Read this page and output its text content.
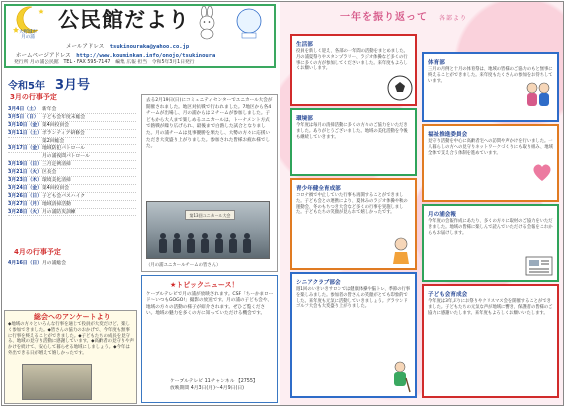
公民館だより
大野城市
月の浦
メールアドレス　 tsukinouraka@yahoo.co.jp
ホームページアドレス　 http://www.kouminkan.info/onojo/tsukinoura
発行所 月の浦公民館　TEL・FAX 595-7147　編集 広報 担当　令和5年3月1日発行
令和5年　 3月号
3月の行事予定
3月4日（土） 新年会
3月5日（日） 子ども会年度末総会
3月10日（金） 第4回役員会
3月11日（土） ボランティア研修会
第2回総会
3月17日（金） 地域防犯パトロール
月の浦夜間パトロール
3月19日（日） 三月定例清掃
3月21日（火） 区長会
3月23日（木） 環境美化清掃
3月24日（金） 第4回役員会
3月26日（日） 子ども会バスハイク
3月27日（月） 地域清掃活動
3月28日（火） 月の浦防災訓練
4月の行事予定
4月16日（日） 月の浦総会
去る2月19日(日)にコミュニティセンターでユニカール大会が開催されました。地区対抗戦で行われました。7地区から各4チームが出場し、月の浦からは２チームが参加しました。子どもから大人まで楽しめるユニカールは、トーナメント方式で熱戦が繰り広げられ、最後まで白熱した試合となりました。月の浦チームは見事優勝を果たし、大勢の方々に応援いただき大変盛り上がりました。参加された皆様お疲れ様でした。
第13回ユニカール大会
（月の浦ユニカールチームの皆さん）
総会へのアンケートより
◆地域の方々といろんな行事を通じて役員が大変だけど、楽しく参加できました。◆皆さんの協力のおかげで、今年度も無事に行事を終えることができました。◆子どもたちの成長を見守る、地域の見守り活動に感謝しています。◆高齢者の見守りや声かけを続けて、安心して暮らせる地域にしましょう。◆今年は外出できる日が増えて嬉しかったです。
★トピックニュース！
ケーブルテレビで月の浦が放映されます。CSF「ちーかまロード〜いつもGOGO!」撮影の放送です。月の浦の子ども会や、地域の方々の活動の様子が紹介されます。ぜひご覧ください。地域の魅力を多くの方に知っていただける機会です。
ケーブルテレビ 11チャンネル 【2755】
放映期間 4月3日(月)〜4月9日(日)
一年を振り返って　 各部より
生活部
役員を新しく迎え、各部の一年間の活動をまとめました。月の浦夏祭りやスタンプラリー、ラジオ体操など多くの行事に多くの方が参加してくださいました。来年度もよろしくお願いします。
環境部
今年度は毎月の清掃活動に多くの方々のご協力をいただきました。ありがとうございました。地域の美化活動を今後も継続していきます。
青少年健全育成部
コロナ禍で中止していた行事も再開することができました。子ども会との連携により、夏休みのラジオ体操や秋の運動会、冬のもちつき大会など多くの行事を実施しました。子どもたちの笑顔が見られて嬉しかったです。
シニアクラブ部会
週1回のいきいきサロンでは健康体操や脳トレ、季節の行事を楽しみました。参加者の皆さんの笑顔がとても印象的でした。来年度も元気に活動していきましょう。グラウンドゴルフ大会も大変盛り上がりました。
体育部
三月の月例と十月の体育祭は、地域の皆様のご協力のもと無事に終えることができました。来年度もたくさんの参加をお待ちしています。
福祉推進委員会
見守り活動を中心に高齢者宅への訪問や声かけを行いました。一人暮らしの方への見守りネットワークづくりにも取り組み、地域全体で支え合う体制を進めています。
月の浦会報
今年度の会報作成にあたり、多くの方々に取材のご協力をいただきました。地域の皆様に楽しんで読んでいただける会報をこれからもお届けします。
子ども会育成会
今年度は3年ぶりにお祭りやクリスマス会を開催することができました。子どもたちの元気な声が地域に響き、保護者の皆様のご協力に感謝いたします。来年度もよろしくお願いいたします。
